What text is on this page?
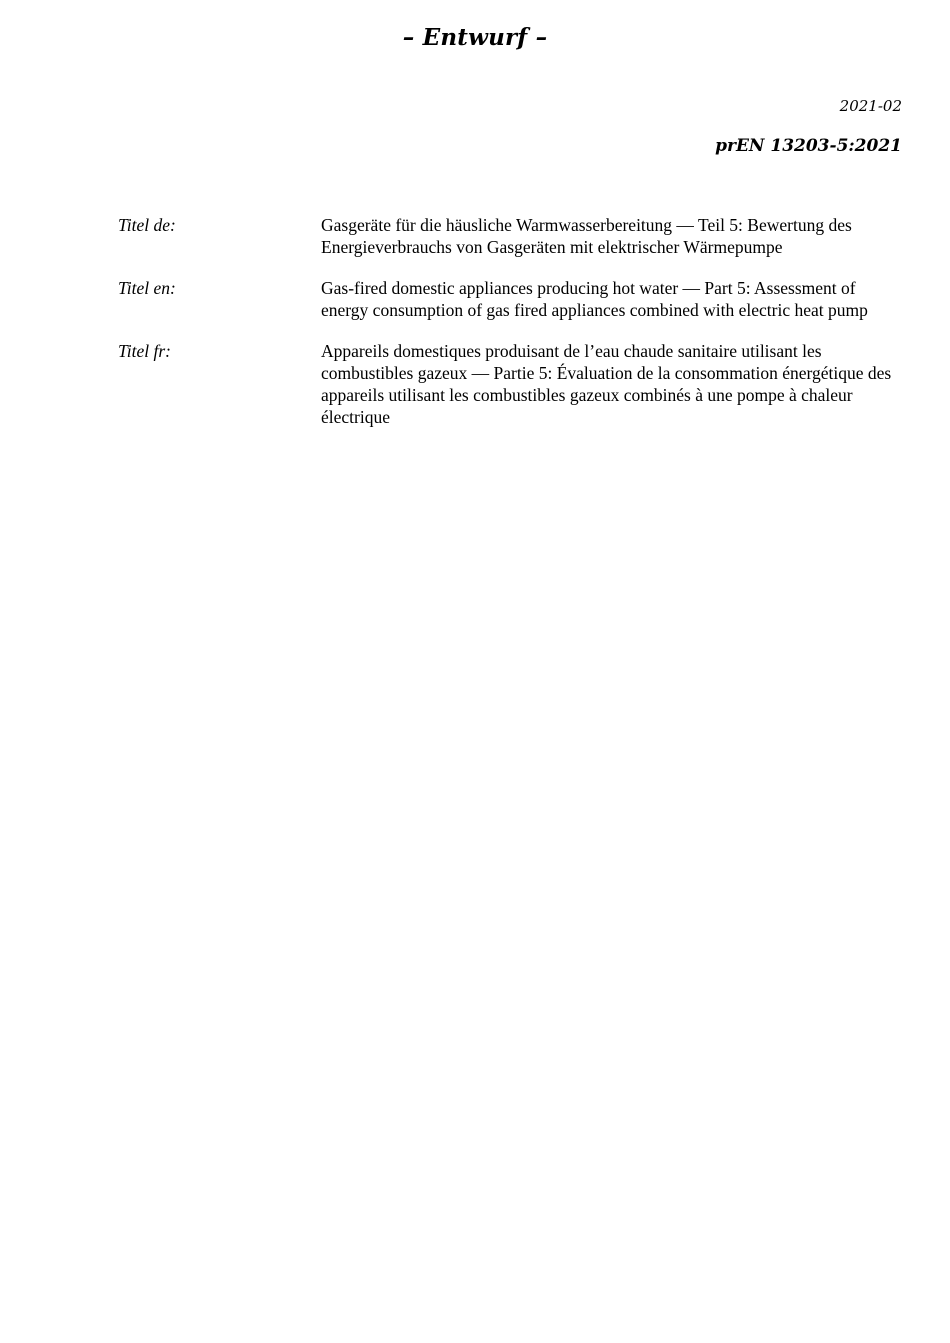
– Entwurf –
2021-02
prEN 13203-5:2021
Titel de:	Gasgeräte für die häusliche Warmwasserbereitung — Teil 5: Bewertung des Energieverbrauchs von Gasgeräten mit elektrischer Wärmepumpe
Titel en:	Gas-fired domestic appliances producing hot water — Part 5: Assessment of energy consumption of gas fired appliances combined with electric heat pump
Titel fr:	Appareils domestiques produisant de l’eau chaude sanitaire utilisant les combustibles gazeux — Partie 5: Évaluation de la consommation énergétique des appareils utilisant les combustibles gazeux combinés à une pompe à chaleur électrique
